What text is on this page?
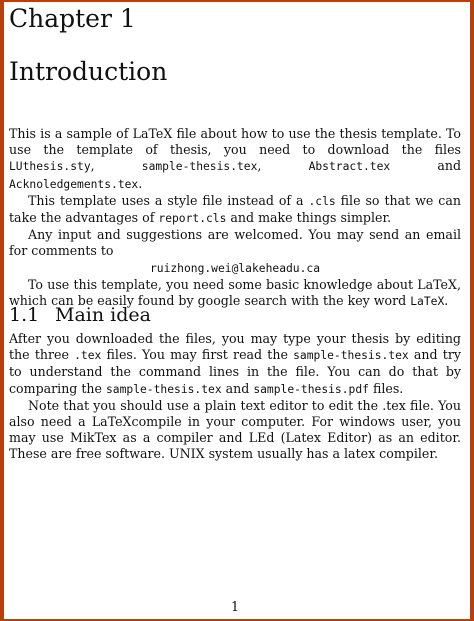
Chapter 1
Introduction

This is a sample of LaTeX file about how to use the thesis template. To use the template of thesis, you need to download the files LUthesis.sty, sample-thesis.tex, Abstract.tex and Acknoledgements.tex.

This template uses a style file instead of a .cls file so that we can take the advantages of report.cls and make things simpler.

Any input and suggestions are welcomed. You may send an email for comments to

ruizhong.wei@lakeheadu.ca

To use this template, you need some basic knowledge about LaTeX, which can be easily found by google search with the key word LaTeX.

1.1 Main idea

After you downloaded the files, you may type your thesis by editing the three .tex files. You may first read the sample-thesis.tex and try to understand the command lines in the file. You can do that by comparing the sample-thesis.tex and sample-thesis.pdf files.

Note that you should use a plain text editor to edit the .tex file. You also need a LaTeXcompile in your computer. For windows user, you may use MikTex as a compiler and LEd (Latex Editor) as an editor. These are free software. UNIX system usually has a latex compiler.

1
